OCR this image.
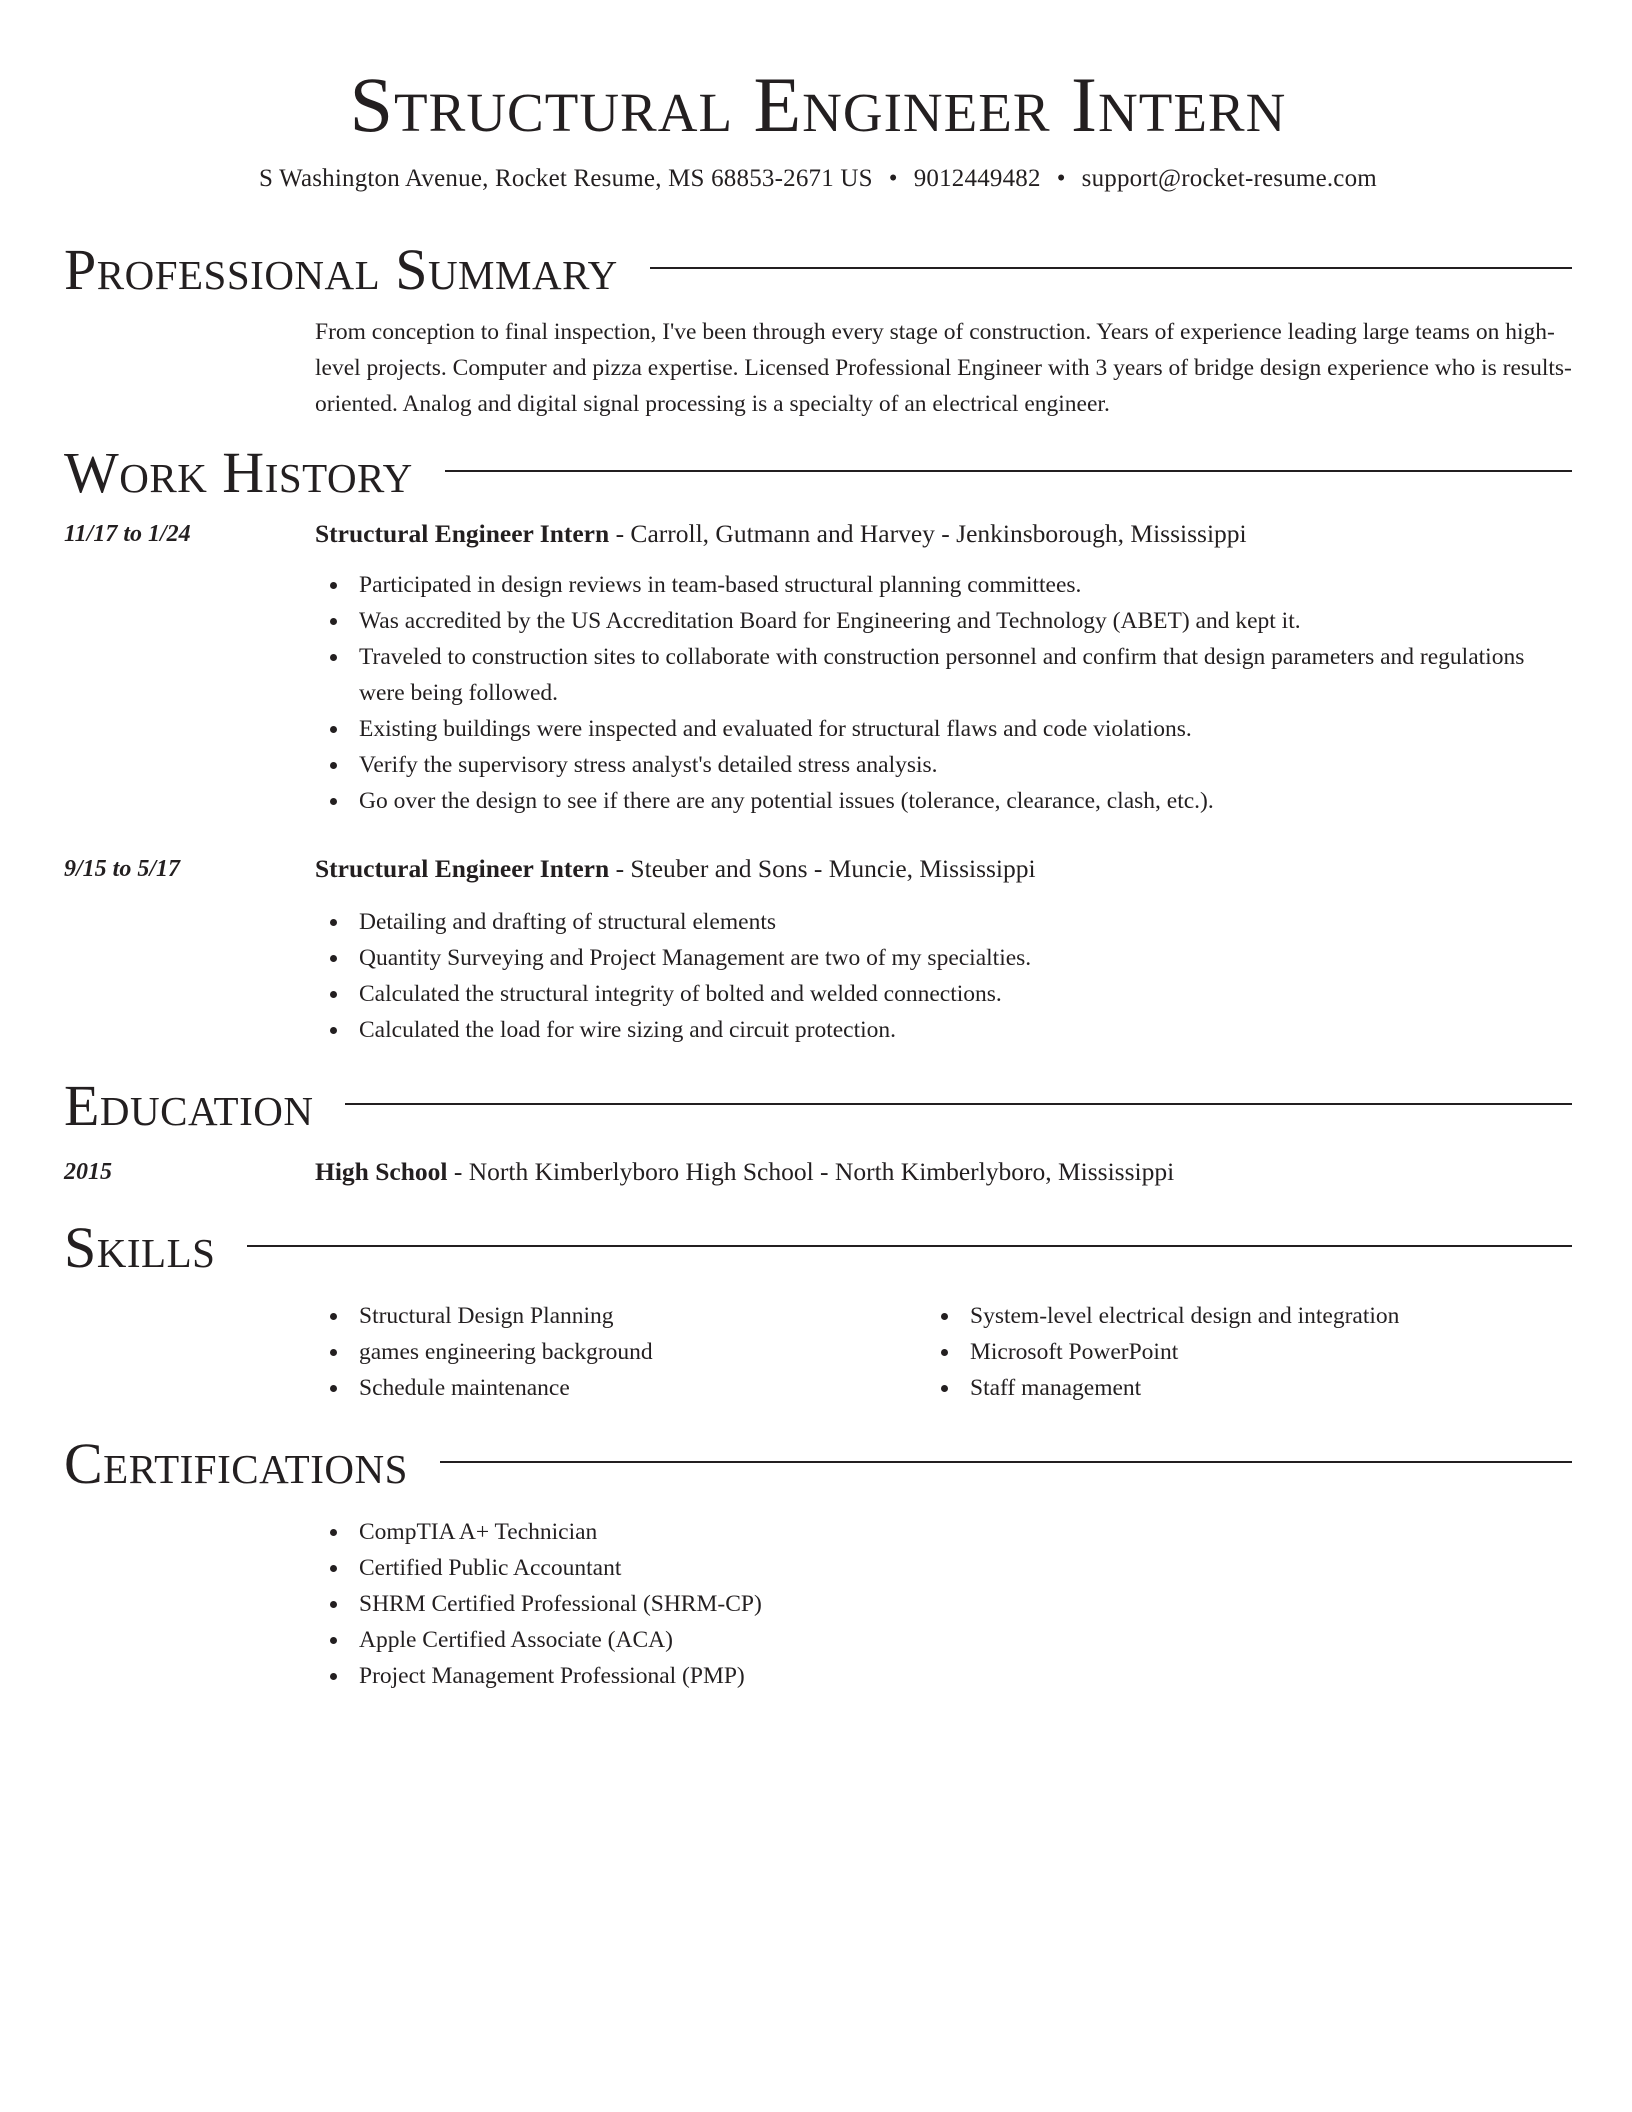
Structural Engineer Intern
S Washington Avenue, Rocket Resume, MS 68853-2671 US • 9012449482 • support@rocket-resume.com
Professional Summary
From conception to final inspection, I've been through every stage of construction. Years of experience leading large teams on high-level projects. Computer and pizza expertise. Licensed Professional Engineer with 3 years of bridge design experience who is results-oriented. Analog and digital signal processing is a specialty of an electrical engineer.
Work History
11/17 to 1/24	Structural Engineer Intern - Carroll, Gutmann and Harvey - Jenkinsborough, Mississippi
Participated in design reviews in team-based structural planning committees.
Was accredited by the US Accreditation Board for Engineering and Technology (ABET) and kept it.
Traveled to construction sites to collaborate with construction personnel and confirm that design parameters and regulations were being followed.
Existing buildings were inspected and evaluated for structural flaws and code violations.
Verify the supervisory stress analyst's detailed stress analysis.
Go over the design to see if there are any potential issues (tolerance, clearance, clash, etc.).
9/15 to 5/17	Structural Engineer Intern - Steuber and Sons - Muncie, Mississippi
Detailing and drafting of structural elements
Quantity Surveying and Project Management are two of my specialties.
Calculated the structural integrity of bolted and welded connections.
Calculated the load for wire sizing and circuit protection.
Education
2015	High School - North Kimberlyboro High School - North Kimberlyboro, Mississippi
Skills
Structural Design Planning
games engineering background
Schedule maintenance
System-level electrical design and integration
Microsoft PowerPoint
Staff management
Certifications
CompTIA A+ Technician
Certified Public Accountant
SHRM Certified Professional (SHRM-CP)
Apple Certified Associate (ACA)
Project Management Professional (PMP)
